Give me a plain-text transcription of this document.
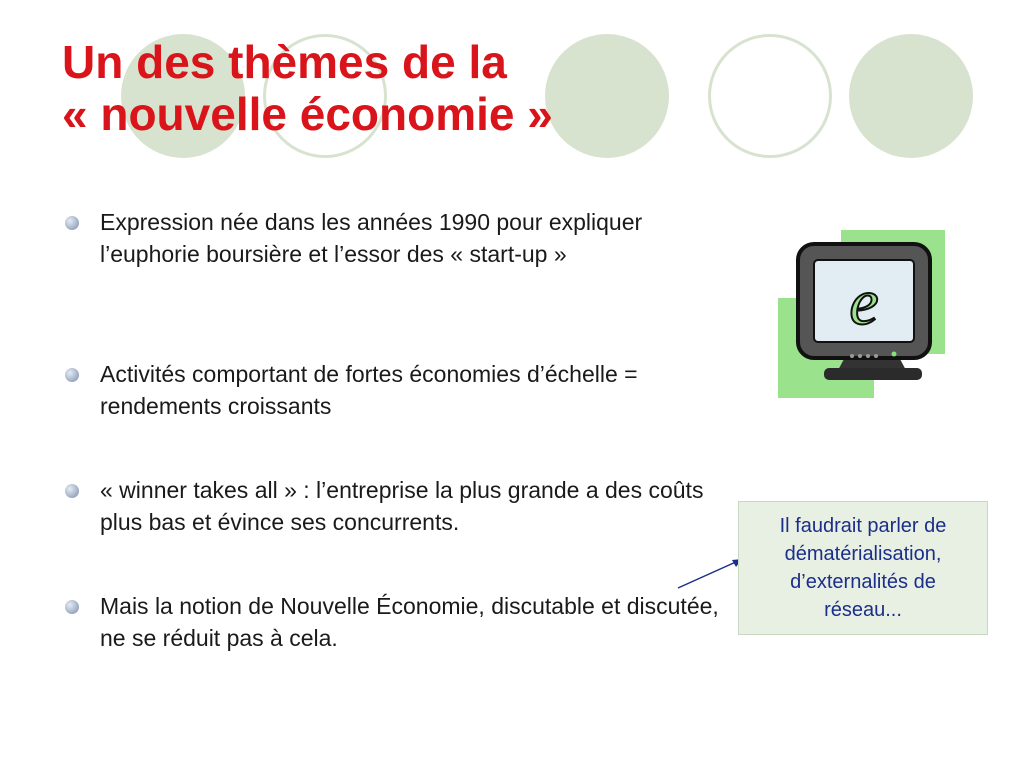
Un des thèmes de la
« nouvelle économie »
Expression née dans les années 1990 pour expliquer l’euphorie boursière et l’essor des « start-up »
Activités comportant de fortes économies d’échelle = rendements croissants
« winner takes all » : l’entreprise la plus grande a des coûts plus bas et évince ses concurrents.
Mais la notion de Nouvelle Économie, discutable et discutée, ne se réduit pas à cela.
Il faudrait parler de dématérialisation, d’externalités de réseau...
e
